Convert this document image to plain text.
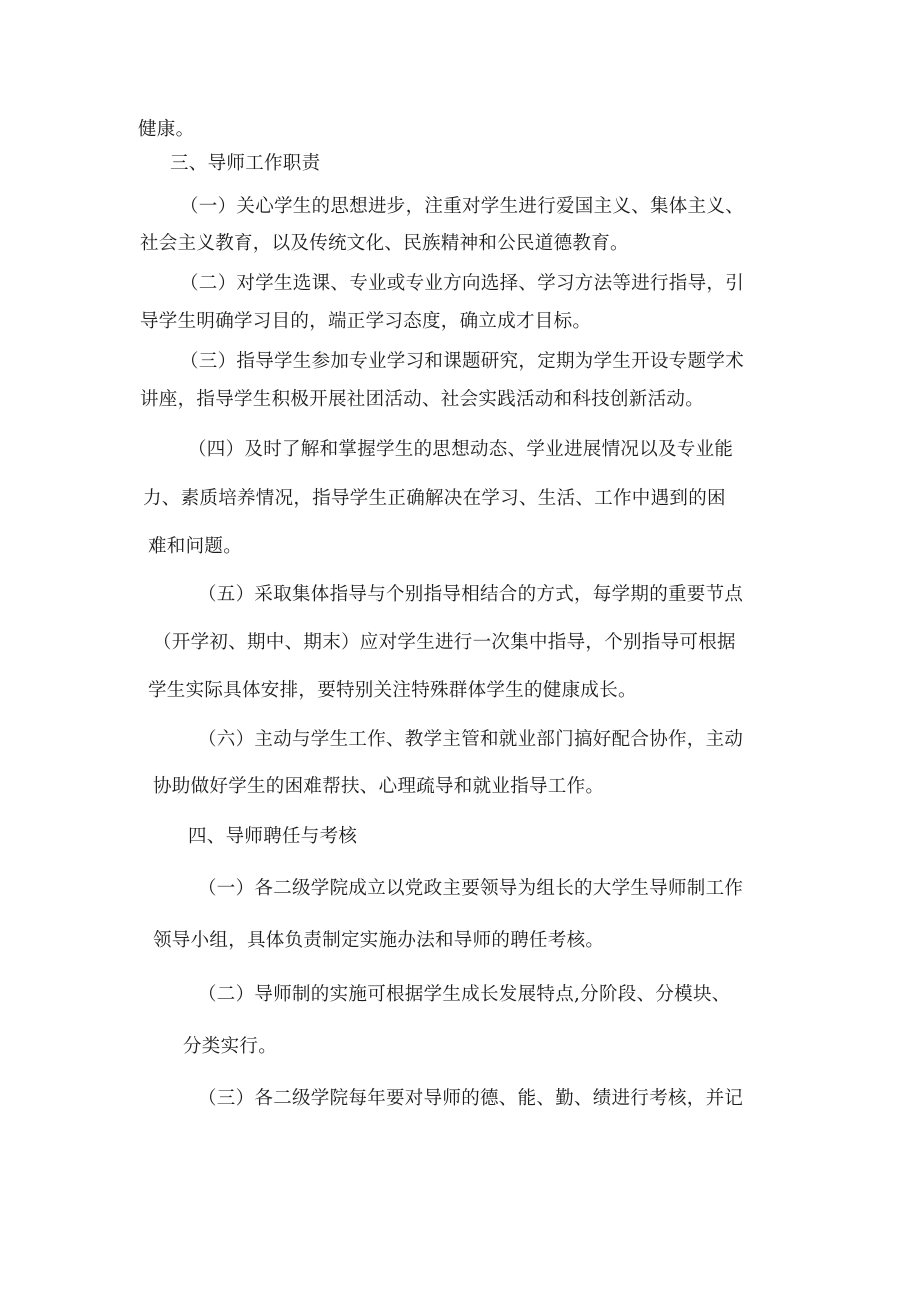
健康。
三、导师工作职责
（一）关心学生的思想进步，注重对学生进行爱国主义、集体主义、
社会主义教育，以及传统文化、民族精神和公民道德教育。
（二）对学生选课、专业或专业方向选择、学习方法等进行指导，引
导学生明确学习目的，端正学习态度，确立成才目标。
（三）指导学生参加专业学习和课题研究，定期为学生开设专题学术
讲座，指导学生积极开展社团活动、社会实践活动和科技创新活动。
（四）及时了解和掌握学生的思想动态、学业进展情况以及专业能
力、素质培养情况，指导学生正确解决在学习、生活、工作中遇到的困
难和问题。
（五）采取集体指导与个别指导相结合的方式，每学期的重要节点
（开学初、期中、期末）应对学生进行一次集中指导，个别指导可根据
学生实际具体安排，要特别关注特殊群体学生的健康成长。
（六）主动与学生工作、教学主管和就业部门搞好配合协作，主动
协助做好学生的困难帮扶、心理疏导和就业指导工作。
四、导师聘任与考核
（一）各二级学院成立以党政主要领导为组长的大学生导师制工作
领导小组，具体负责制定实施办法和导师的聘任考核。
（二）导师制的实施可根据学生成长发展特点,分阶段、分模块、
分类实行。
（三）各二级学院每年要对导师的德、能、勤、绩进行考核，并记
